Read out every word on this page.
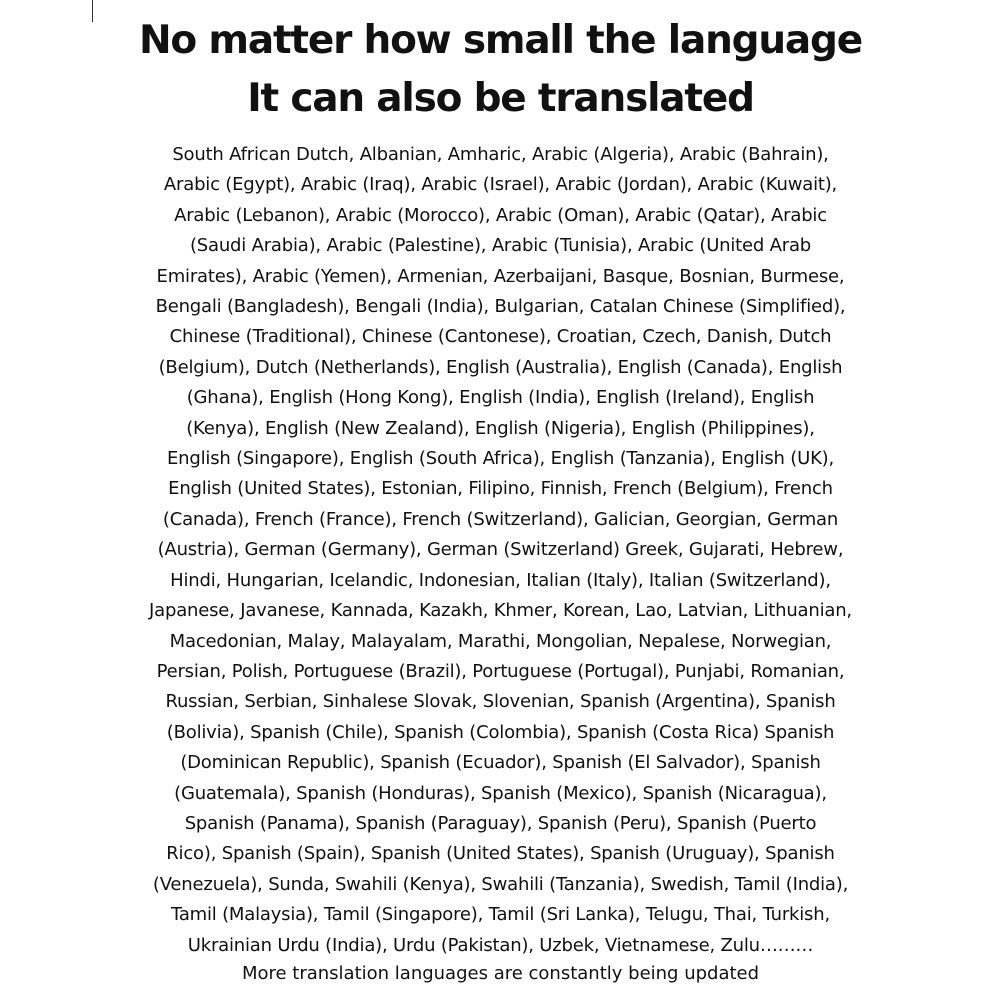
No matter how small the language
It can also be translated
South African Dutch, Albanian, Amharic, Arabic (Algeria), Arabic (Bahrain),
Arabic (Egypt), Arabic (Iraq), Arabic (Israel), Arabic (Jordan), Arabic (Kuwait),
Arabic (Lebanon), Arabic (Morocco), Arabic (Oman), Arabic (Qatar), Arabic
(Saudi Arabia), Arabic (Palestine), Arabic (Tunisia), Arabic (United Arab
Emirates), Arabic (Yemen), Armenian, Azerbaijani, Basque, Bosnian, Burmese,
Bengali (Bangladesh), Bengali (India), Bulgarian, Catalan Chinese (Simplified),
Chinese (Traditional), Chinese (Cantonese), Croatian, Czech, Danish, Dutch
(Belgium), Dutch (Netherlands), English (Australia), English (Canada), English
(Ghana), English (Hong Kong), English (India), English (Ireland), English
(Kenya), English (New Zealand), English (Nigeria), English (Philippines),
English (Singapore), English (South Africa), English (Tanzania), English (UK),
English (United States), Estonian, Filipino, Finnish, French (Belgium), French
(Canada), French (France), French (Switzerland), Galician, Georgian, German
(Austria), German (Germany), German (Switzerland) Greek, Gujarati, Hebrew,
Hindi, Hungarian, Icelandic, Indonesian, Italian (Italy), Italian (Switzerland),
Japanese, Javanese, Kannada, Kazakh, Khmer, Korean, Lao, Latvian, Lithuanian,
Macedonian, Malay, Malayalam, Marathi, Mongolian, Nepalese, Norwegian,
Persian, Polish, Portuguese (Brazil), Portuguese (Portugal), Punjabi, Romanian,
Russian, Serbian, Sinhalese Slovak, Slovenian, Spanish (Argentina), Spanish
(Bolivia), Spanish (Chile), Spanish (Colombia), Spanish (Costa Rica) Spanish
(Dominican Republic), Spanish (Ecuador), Spanish (El Salvador), Spanish
(Guatemala), Spanish (Honduras), Spanish (Mexico), Spanish (Nicaragua),
Spanish (Panama), Spanish (Paraguay), Spanish (Peru), Spanish (Puerto
Rico), Spanish (Spain), Spanish (United States), Spanish (Uruguay), Spanish
(Venezuela), Sunda, Swahili (Kenya), Swahili (Tanzania), Swedish, Tamil (India),
Tamil (Malaysia), Tamil (Singapore), Tamil (Sri Lanka), Telugu, Thai, Turkish,
Ukrainian Urdu (India), Urdu (Pakistan), Uzbek, Vietnamese, Zulu………
More translation languages are constantly being updated
